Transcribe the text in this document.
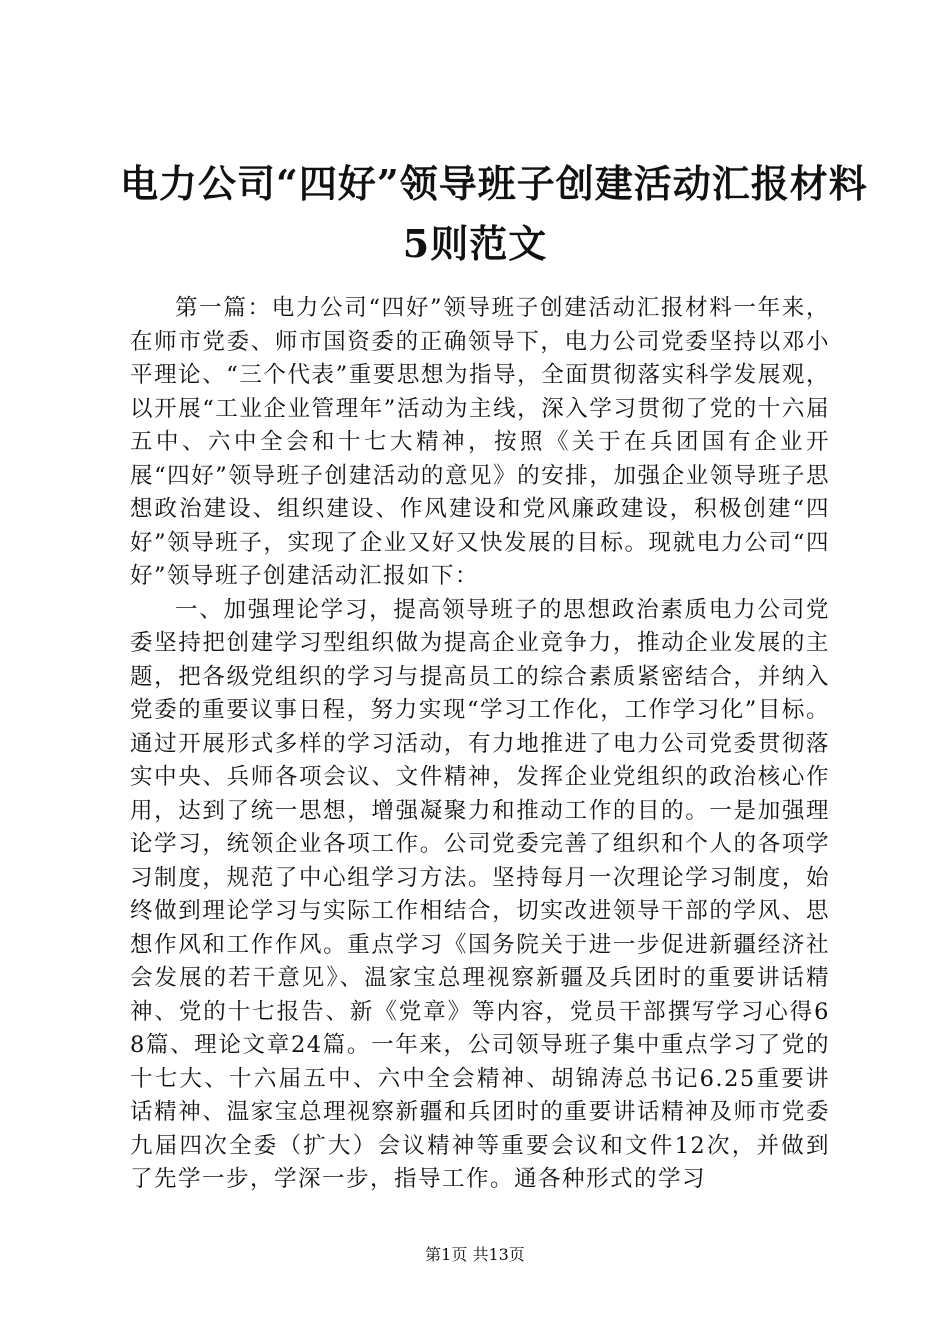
电力公司“四好”领导班子创建活动汇报材料
5则范文

第一篇：电力公司“四好”领导班子创建活动汇报材料一年来，在师市党委、师市国资委的正确领导下，电力公司党委坚持以邓小平理论、“三个代表”重要思想为指导，全面贯彻落实科学发展观，以开展“工业企业管理年”活动为主线，深入学习贯彻了党的十六届五中、六中全会和十七大精神，按照《关于在兵团国有企业开展“四好”领导班子创建活动的意见》的安排，加强企业领导班子思想政治建设、组织建设、作风建设和党风廉政建设，积极创建“四好”领导班子，实现了企业又好又快发展的目标。现就电力公司“四好”领导班子创建活动汇报如下：

一、加强理论学习，提高领导班子的思想政治素质电力公司党委坚持把创建学习型组织做为提高企业竞争力，推动企业发展的主题，把各级党组织的学习与提高员工的综合素质紧密结合，并纳入党委的重要议事日程，努力实现“学习工作化，工作学习化”目标。通过开展形式多样的学习活动，有力地推进了电力公司党委贯彻落实中央、兵师各项会议、文件精神，发挥企业党组织的政治核心作用，达到了统一思想，增强凝聚力和推动工作的目的。一是加强理论学习，统领企业各项工作。公司党委完善了组织和个人的各项学习制度，规范了中心组学习方法。坚持每月一次理论学习制度，始终做到理论学习与实际工作相结合，切实改进领导干部的学风、思想作风和工作作风。重点学习《国务院关于进一步促进新疆经济社会发展的若干意见》、温家宝总理视察新疆及兵团时的重要讲话精神、党的十七报告、新《党章》等内容，党员干部撰写学习心得68篇、理论文章24篇。一年来，公司领导班子集中重点学习了党的十七大、十六届五中、六中全会精神、胡锦涛总书记6.25重要讲话精神、温家宝总理视察新疆和兵团时的重要讲话精神及师市党委九届四次全委（扩大）会议精神等重要会议和文件12次，并做到了先学一步，学深一步，指导工作。通各种形式的学习

第1页 共13页
